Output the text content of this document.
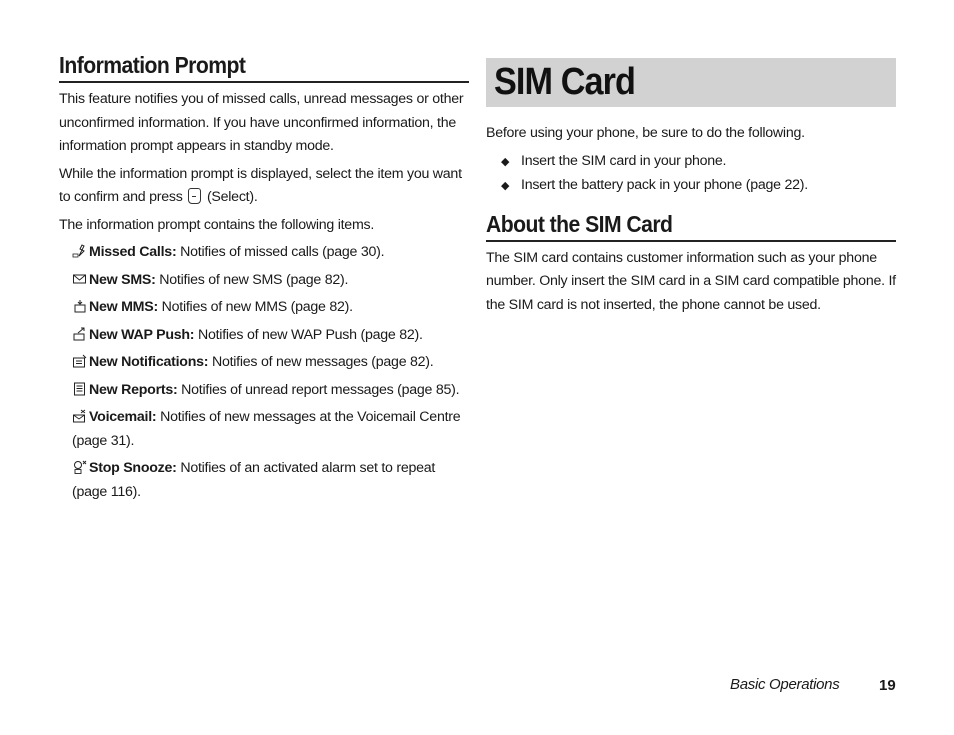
Information Prompt

This feature notifies you of missed calls, unread messages or other unconfirmed information. If you have unconfirmed information, the information prompt appears in standby mode.

While the information prompt is displayed, select the item you want to confirm and press (Select).

The information prompt contains the following items.

Missed Calls: Notifies of missed calls (page 30).
New SMS: Notifies of new SMS (page 82).
New MMS: Notifies of new MMS (page 82).
New WAP Push: Notifies of new WAP Push (page 82).
New Notifications: Notifies of new messages (page 82).
New Reports: Notifies of unread report messages (page 85).
Voicemail: Notifies of new messages at the Voicemail Centre (page 31).
Stop Snooze: Notifies of an activated alarm set to repeat (page 116).
SIM Card

Before using your phone, be sure to do the following.

◆ Insert the SIM card in your phone.
◆ Insert the battery pack in your phone (page 22).
About the SIM Card

The SIM card contains customer information such as your phone number. Only insert the SIM card in a SIM card compatible phone. If the SIM card is not inserted, the phone cannot be used.

Basic Operations	19
